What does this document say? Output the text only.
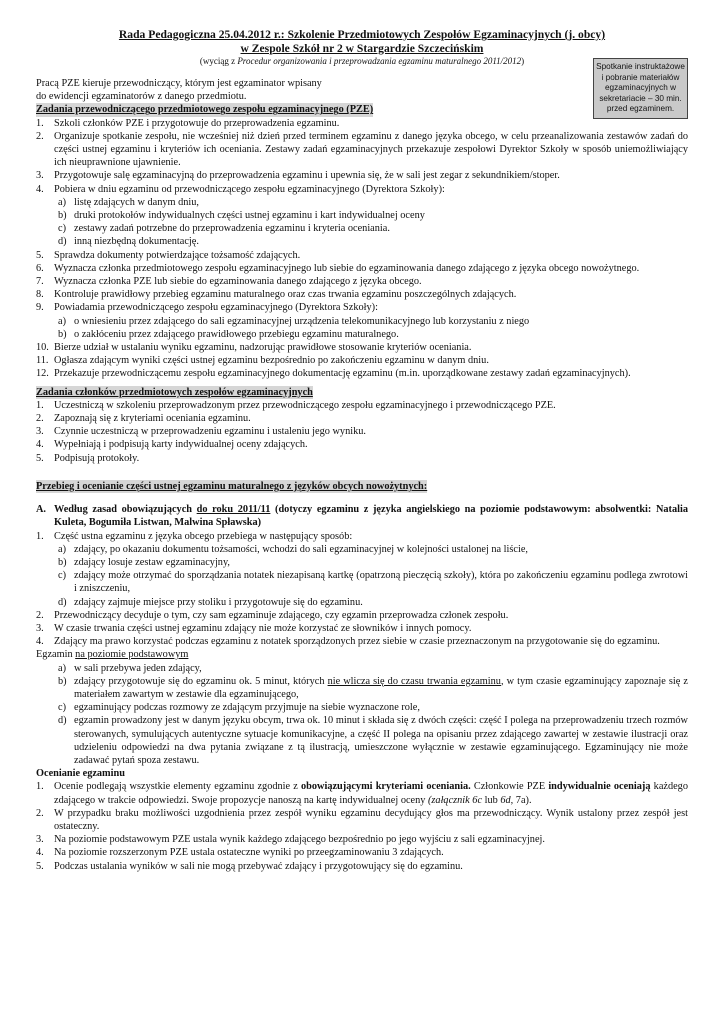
Spotkanie instruktażowe i pobranie materiałów egzaminacyjnych w sekretariacie – 30 min. przed egzaminem.
Rada Pedagogiczna 25.04.2012 r.: Szkolenie Przedmiotowych Zespołów Egzaminacyjnych (j. obcy)
w Zespole Szkół nr 2 w Stargardzie Szczecińskim
(wyciąg z Procedur organizowania i przeprowadzania egzaminu maturalnego 2011/2012)
Pracą PZE kieruje przewodniczący, którym jest egzaminator wpisany
do ewidencji egzaminatorów z danego przedmiotu.
Zadania przewodniczącego przedmiotowego zespołu egzaminacyjnego (PZE)
1. Szkoli członków PZE i przygotowuje do przeprowadzenia egzaminu.
2. Organizuje spotkanie zespołu, nie wcześniej niż dzień przed terminem egzaminu z danego języka obcego, w celu przeanalizowania zestawów zadań do części ustnej egzaminu i kryteriów ich oceniania. Zestawy zadań egzaminacyjnych przekazuje zespołowi Dyrektor Szkoły w sposób uniemożliwiający ich nieuprawnione ujawnienie.
3. Przygotowuje salę egzaminacyjną do przeprowadzenia egzaminu i upewnia się, że w sali jest zegar z sekundnikiem/stoper.
4. Pobiera w dniu egzaminu od przewodniczącego zespołu egzaminacyjnego (Dyrektora Szkoły):
a) listę zdających w danym dniu,
b) druki protokołów indywidualnych części ustnej egzaminu i kart indywidualnej oceny
c) zestawy zadań potrzebne do przeprowadzenia egzaminu i kryteria oceniania.
d) inną niezbędną dokumentację.
5. Sprawdza dokumenty potwierdzające tożsamość zdających.
6. Wyznacza członka przedmiotowego zespołu egzaminacyjnego lub siebie do egzaminowania danego zdającego z języka obcego nowożytnego.
7. Wyznacza członka PZE lub siebie do egzaminowania danego zdającego z języka obcego.
8. Kontroluje prawidłowy przebieg egzaminu maturalnego oraz czas trwania egzaminu poszczególnych zdających.
9. Powiadamia przewodniczącego zespołu egzaminacyjnego (Dyrektora Szkoły):
a) o wniesieniu przez zdającego do sali egzaminacyjnej urządzenia telekomunikacyjnego lub korzystaniu z niego
b) o zakłóceniu przez zdającego prawidłowego przebiegu egzaminu maturalnego.
10. Bierze udział w ustalaniu wyniku egzaminu, nadzorując prawidłowe stosowanie kryteriów oceniania.
11. Ogłasza zdającym wyniki części ustnej egzaminu bezpośrednio po zakończeniu egzaminu w danym dniu.
12. Przekazuje przewodniczącemu zespołu egzaminacyjnego dokumentację egzaminu (m.in. uporządkowane zestawy zadań egzaminacyjnych).
Zadania członków przedmiotowych zespołów egzaminacyjnych
1. Uczestniczą w szkoleniu przeprowadzonym przez przewodniczącego zespołu egzaminacyjnego i przewodniczącego PZE.
2. Zapoznają się z kryteriami oceniania egzaminu.
3. Czynnie uczestniczą w przeprowadzeniu egzaminu i ustaleniu jego wyniku.
4. Wypełniają i podpisują karty indywidualnej oceny zdających.
5. Podpisują protokoły.
Przebieg i ocenianie części ustnej egzaminu maturalnego z języków obcych nowożytnych:
A. Według zasad obowiązujących do roku 2011/11 (dotyczy egzaminu z języka angielskiego na poziomie podstawowym: absolwentki: Natalia Kuleta, Bogumiła Listwan, Malwina Spławska)
1. Część ustna egzaminu z języka obcego przebiega w następujący sposób:
a) zdający, po okazaniu dokumentu tożsamości, wchodzi do sali egzaminacyjnej w kolejności ustalonej na liście,
b) zdający losuje zestaw egzaminacyjny,
c) zdający może otrzymać do sporządzania notatek niezapisaną kartkę (opatrzoną pieczęcią szkoły), która po zakończeniu egzaminu podlega zwrotowi i zniszczeniu,
d) zdający zajmuje miejsce przy stoliku i przygotowuje się do egzaminu.
2. Przewodniczący decyduje o tym, czy sam egzaminuje zdającego, czy egzamin przeprowadza członek zespołu.
3. W czasie trwania części ustnej egzaminu zdający nie może korzystać ze słowników i innych pomocy.
4. Zdający ma prawo korzystać podczas egzaminu z notatek sporządzonych przez siebie w czasie przeznaczonym na przygotowanie się do egzaminu.
Egzamin na poziomie podstawowym
a) w sali przebywa jeden zdający,
b) zdający przygotowuje się do egzaminu ok. 5 minut, których nie wlicza się do czasu trwania egzaminu, w tym czasie egzaminujący zapoznaje się z materiałem zawartym w zestawie dla egzaminującego,
c) egzaminujący podczas rozmowy ze zdającym przyjmuje na siebie wyznaczone role,
d) egzamin prowadzony jest w danym języku obcym, trwa ok. 10 minut i składa się z dwóch części: część I polega na przeprowadzeniu trzech rozmów sterowanych, symulujących autentyczne sytuacje komunikacyjne, a część II polega na opisaniu przez zdającego zawartej w zestawie ilustracji oraz udzieleniu odpowiedzi na dwa pytania związane z tą ilustracją, umieszczone wyłącznie w zestawie egzaminującego. Egzaminujący nie może zadawać pytań spoza zestawu.
Ocenianie egzaminu
1. Ocenie podlegają wszystkie elementy egzaminu zgodnie z obowiązującymi kryteriami oceniania. Członkowie PZE indywidualnie oceniają każdego zdającego w trakcie odpowiedzi. Swoje propozycje nanoszą na kartę indywidualnej oceny (załącznik 6c lub 6d, 7a).
2. W przypadku braku możliwości uzgodnienia przez zespół wyniku egzaminu decydujący głos ma przewodniczący. Wynik ustalony przez zespół jest ostateczny.
3. Na poziomie podstawowym PZE ustala wynik każdego zdającego bezpośrednio po jego wyjściu z sali egzaminacyjnej.
4. Na poziomie rozszerzonym PZE ustala ostateczne wyniki po przeegzaminowaniu 3 zdających.
5. Podczas ustalania wyników w sali nie mogą przebywać zdający i przygotowujący się do egzaminu.
